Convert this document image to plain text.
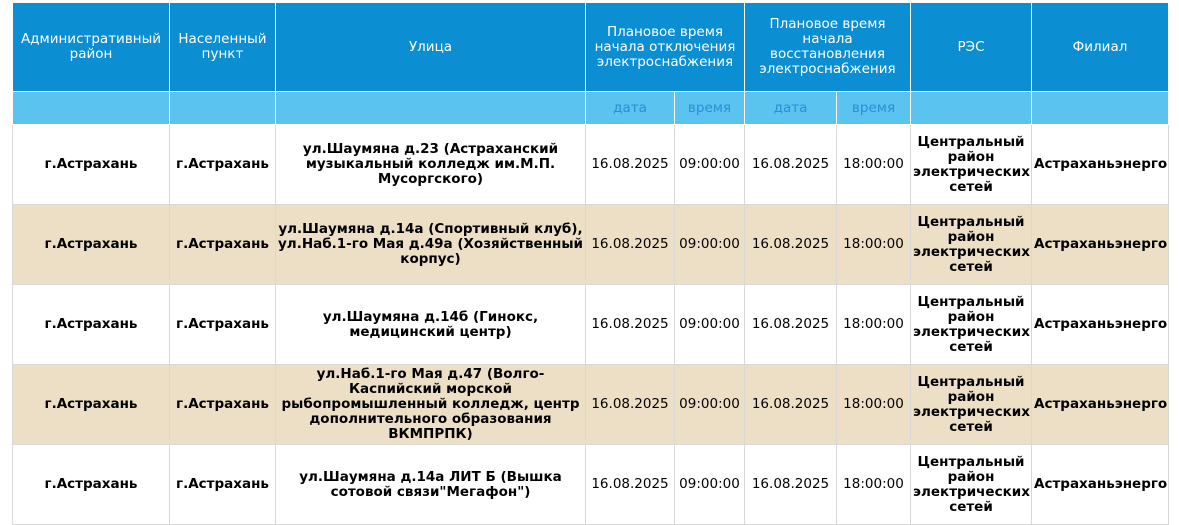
Административный район	Населенный пункт	Улица	Плановое время начала отключения электроснабжения		Плановое время начала восстановления электроснабжения		РЭС	Филиал
			дата	время	дата	время		
г.Астрахань	г.Астрахань	ул.Шаумяна д.23 (Астраханский музыкальный колледж им.М.П. Мусоргского)	16.08.2025	09:00:00	16.08.2025	18:00:00	Центральный район электрических сетей	Астраханьэнерго
г.Астрахань	г.Астрахань	ул.Шаумяна д.14а (Спортивный клуб), ул.Наб.1-го Мая д.49а (Хозяйственный корпус)	16.08.2025	09:00:00	16.08.2025	18:00:00	Центральный район электрических сетей	Астраханьэнерго
г.Астрахань	г.Астрахань	ул.Шаумяна д.14б (Гинокс, медицинский центр)	16.08.2025	09:00:00	16.08.2025	18:00:00	Центральный район электрических сетей	Астраханьэнерго
г.Астрахань	г.Астрахань	ул.Наб.1-го Мая д.47 (Волго-Каспийский морской рыбопромышленный колледж, центр дополнительного образования ВКМПРПК)	16.08.2025	09:00:00	16.08.2025	18:00:00	Центральный район электрических сетей	Астраханьэнерго
г.Астрахань	г.Астрахань	ул.Шаумяна д.14а ЛИТ Б (Вышка сотовой связи"Мегафон")	16.08.2025	09:00:00	16.08.2025	18:00:00	Центральный район электрических сетей	Астраханьэнерго
